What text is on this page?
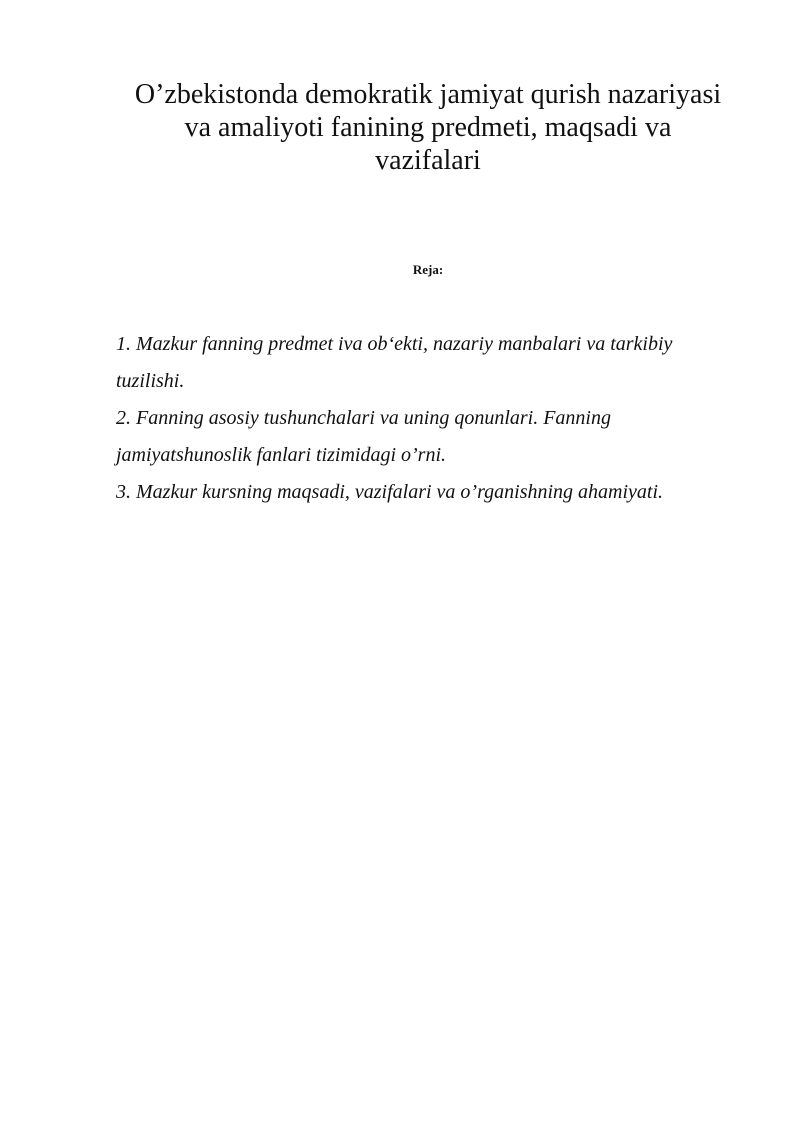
O’zbekistonda demokratik jamiyat qurish nazariyasi
va amaliyoti fanining predmeti, maqsadi va
vazifalari

Reja:

1. Mazkur fanning predmet iva ob‘ekti, nazariy manbalari va tarkibiy
tuzilishi.
2. Fanning asosiy tushunchalari va uning qonunlari. Fanning
jamiyatshunoslik fanlari tizimidagi o’rni.
3. Mazkur kursning maqsadi, vazifalari va o’rganishning ahamiyati.
